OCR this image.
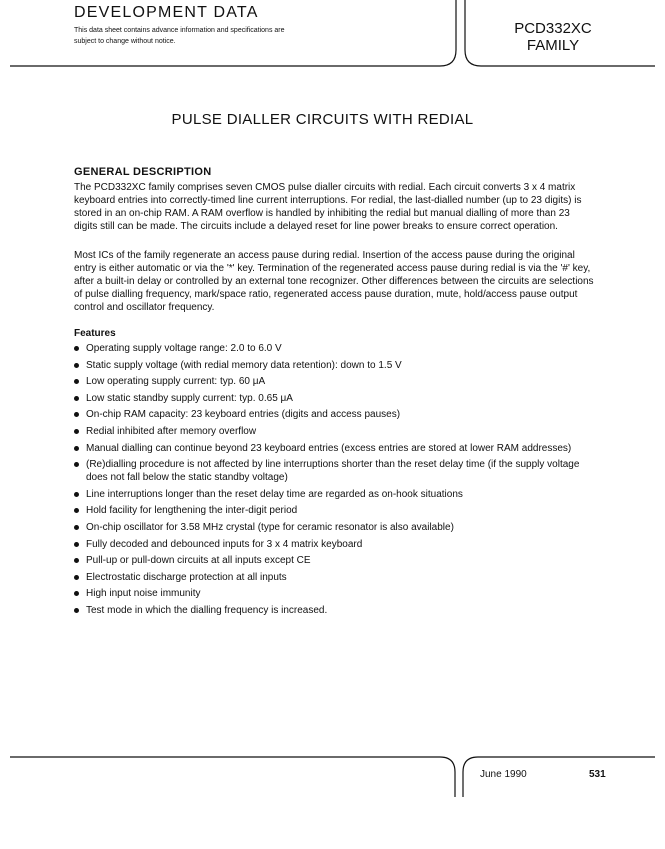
DEVELOPMENT DATA
This data sheet contains advance information and specifications are subject to change without notice.
PCD332XC
FAMILY
PULSE DIALLER CIRCUITS WITH REDIAL
GENERAL DESCRIPTION
The PCD332XC family comprises seven CMOS pulse dialler circuits with redial. Each circuit converts 3 x 4 matrix keyboard entries into correctly-timed line current interruptions. For redial, the last-dialled number (up to 23 digits) is stored in an on-chip RAM. A RAM overflow is handled by inhibiting the redial but manual dialling of more than 23 digits still can be made. The circuits include a delayed reset for line power breaks to ensure correct operation.
Most ICs of the family regenerate an access pause during redial. Insertion of the access pause during the original entry is either automatic or via the '*' key. Termination of the regenerated access pause during redial is via the '#' key, after a built-in delay or controlled by an external tone recognizer. Other differences between the circuits are selections of pulse dialling frequency, mark/space ratio, regenerated access pause duration, mute, hold/access pause output control and oscillator frequency.
Features
Operating supply voltage range: 2.0 to 6.0 V
Static supply voltage (with redial memory data retention): down to 1.5 V
Low operating supply current: typ. 60 μA
Low static standby supply current: typ. 0.65 μA
On-chip RAM capacity: 23 keyboard entries (digits and access pauses)
Redial inhibited after memory overflow
Manual dialling can continue beyond 23 keyboard entries (excess entries are stored at lower RAM addresses)
(Re)dialling procedure is not affected by line interruptions shorter than the reset delay time (if the supply voltage does not fall below the static standby voltage)
Line interruptions longer than the reset delay time are regarded as on-hook situations
Hold facility for lengthening the inter-digit period
On-chip oscillator for 3.58 MHz crystal (type for ceramic resonator is also available)
Fully decoded and debounced inputs for 3 x 4 matrix keyboard
Pull-up or pull-down circuits at all inputs except CE
Electrostatic discharge protection at all inputs
High input noise immunity
Test mode in which the dialling frequency is increased.
June 1990	531
